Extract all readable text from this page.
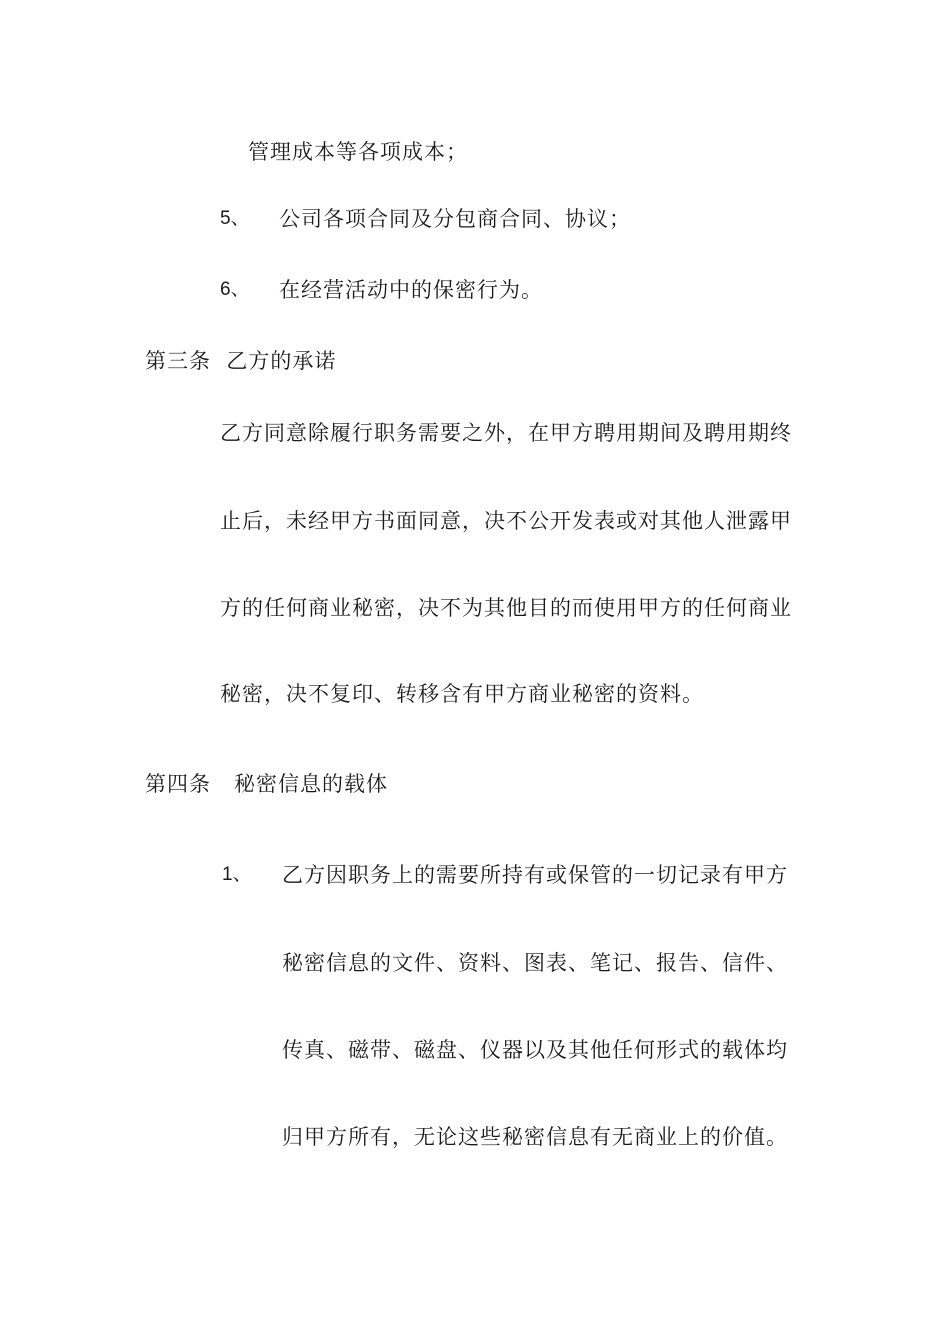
管理成本等各项成本；
5、 公司各项合同及分包商合同、协议；
6、 在经营活动中的保密行为。
第三条  乙方的承诺
乙方同意除履行职务需要之外，在甲方聘用期间及聘用期终
止后，未经甲方书面同意，决不公开发表或对其他人泄露甲
方的任何商业秘密，决不为其他目的而使用甲方的任何商业
秘密，决不复印、转移含有甲方商业秘密的资料。
第四条   秘密信息的载体
1、 乙方因职务上的需要所持有或保管的一切记录有甲方
秘密信息的文件、资料、图表、笔记、报告、信件、
传真、磁带、磁盘、仪器以及其他任何形式的载体均
归甲方所有，无论这些秘密信息有无商业上的价值。
